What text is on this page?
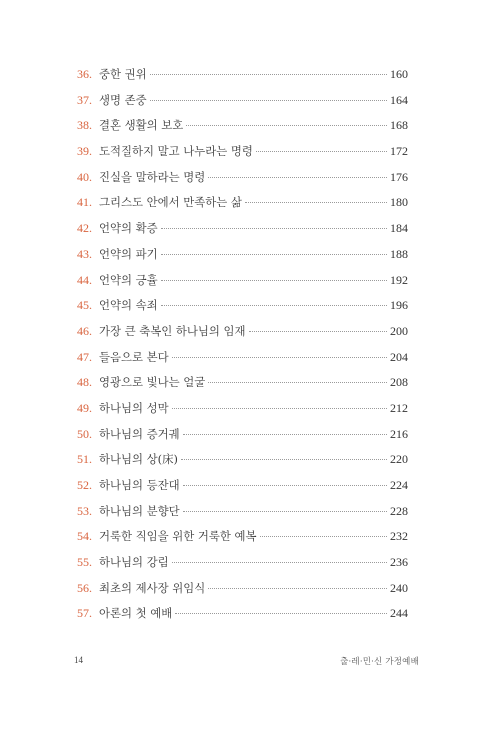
36. 중한 권위	160
37. 생명 존중	164
38. 결혼 생활의 보호	168
39. 도적질하지 말고 나누라는 명령	172
40. 진실을 말하라는 명령	176
41. 그리스도 안에서 만족하는 삶	180
42. 언약의 확증	184
43. 언약의 파기	188
44. 언약의 긍휼	192
45. 언약의 속죄	196
46. 가장 큰 축복인 하나님의 임재	200
47. 들음으로 본다	204
48. 영광으로 빛나는 얼굴	208
49. 하나님의 성막	212
50. 하나님의 증거궤	216
51. 하나님의 상(床)	220
52. 하나님의 등잔대	224
53. 하나님의 분향단	228
54. 거룩한 직임을 위한 거룩한 예복	232
55. 하나님의 강림	236
56. 최초의 제사장 위임식	240
57. 아론의 첫 예배	244
14	출·레·민·신 가정예배
